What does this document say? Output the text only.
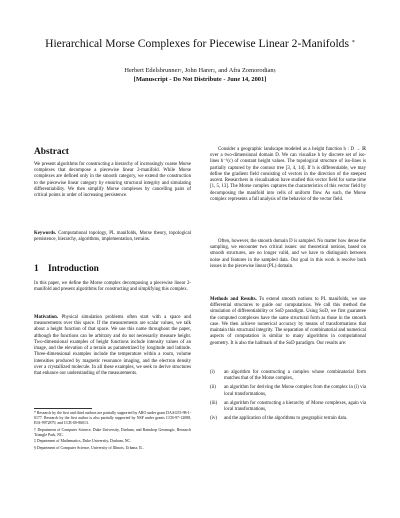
Hierarchical Morse Complexes for Piecewise Linear 2-Manifolds *
Herbert Edelsbrunner†, John Harer‡, and Afra Zomorodian§
[Manuscript - Do Not Distribute - June 14, 2001]
Abstract

We present algorithms for constructing a hierarchy of increasingly coarse Morse complexes that decompose a piecewise linear 2-manifold. While Morse complexes are defined only in the smooth category, we extend the construction to the piecewise linear category by ensuring structural integrity and simulating differentiability. We then simplify Morse complexes by cancelling pairs of critical points in order of increasing persistence.

Keywords. Computational topology, PL manifolds, Morse theory, topological persistence, hierarchy, algorithms, implementation, terrains.

1 Introduction

In this paper, we define the Morse complex decomposing a piecewise linear 2-manifold and present algorithms for constructing and simplifying this complex.

Motivation. Physical simulation problems often start with a space and measurements over this space. If the measurements are scalar values, we talk about a height function of that space. We use this name throughout the paper, although the functions can be arbitrary and do not necessarily measure height. Two-dimensional examples of height functions include intensity values of an image, and the elevation of a terrain as parametrized by longitude and latitude. Three-dimensional examples include the temperature within a room, volume intensities produced by magnetic resonance imaging, and the electron density over a crystallized molecule. In all these examples, we seek to derive structures that enhance our understanding of the measurements.

* Research by the first and third authors are partially supported by ARO under grant DAAG55-98-1-0177. Research by the first author is also partially supported by NSF under grants CCR-97-12088, EIA-9972879, and CCR-00-86013.

† Department of Computer Science, Duke University, Durham, and Raindrop Geomagic, Research Triangle Park, NC.

‡ Department of Mathematics, Duke University, Durham, NC.

§ Department of Computer Science, University of Illinois, Urbana, IL.

Consider a geographic landscape modeled as a height function h : D → ℝ over a two-dimensional domain D. We can visualize h by discrete set of iso-lines h⁻¹(c) of constant height values. The topological structure of iso-lines is partially captured by the contour tree [3, 4, 14]. If h is differentiable, we may define the gradient field consisting of vectors in the direction of the steepest ascent. Researchers in visualization have studied this vector field for some time [1, 5, 13]. The Morse complex captures the characteristics of this vector field by decomposing the manifold into cells of uniform flow. As such, the Morse complex represents a full analysis of the behavior of the vector field.

Often, however, the smooth domain D is sampled. No matter how dense the sampling, we encounter two critical issues: our theoretical notions, based on smooth structures, are no longer valid, and we have to distinguish between noise and features in the sampled data. Our goal in this work is resolve both issues in the piecewise linear (PL) domain.

Methods and Results. To extend smooth notions to PL manifolds, we use differential structures to guide our computations. We call this method the simulation of differentiability or SoD paradigm. Using SoD, we first guarantee the computed complexes have the same structural form as those in the smooth case. We then achieve numerical accuracy by means of transformations that maintain this structural integrity. The separation of combinatorial and numerical aspects of computation is similar to many algorithms in computational geometry. It is also the hallmark of the SoD paradigm. Our results are:

(i)	an algorithm for constructing a complex whose combinatorial form matches that of the Morse complex,

(ii)	an algorithm for deriving the Morse complex from the complex in (i) via local transformations,

(iii)	an algorithm for constructing a hierarchy of Morse complexes, again via local transformations,

(iv)	and the application of the algorithms to geographic terrain data.
